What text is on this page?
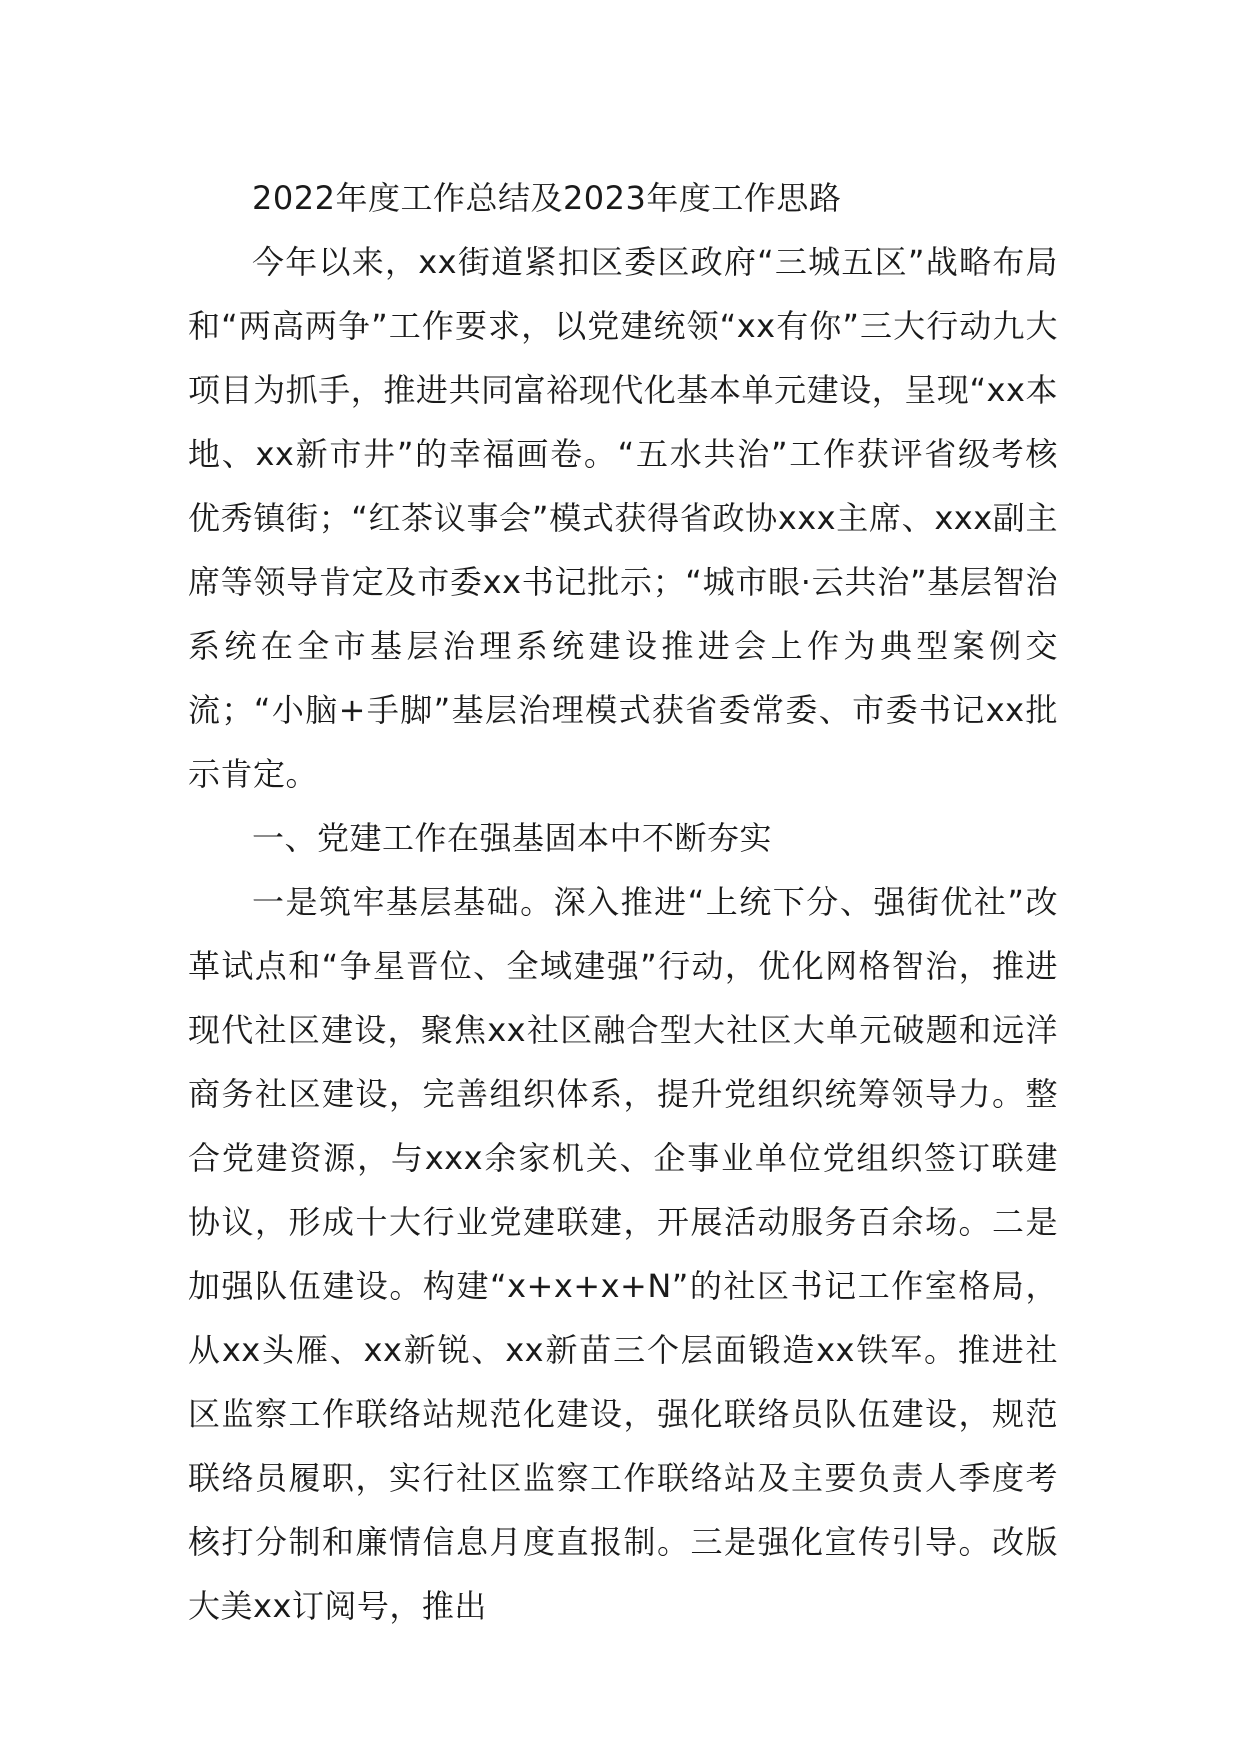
2022年度工作总结及2023年度工作思路

今年以来，xx街道紧扣区委区政府“三城五区”战略布局和“两高两争”工作要求，以党建统领“xx有你”三大行动九大项目为抓手，推进共同富裕现代化基本单元建设，呈现“xx本地、xx新市井”的幸福画卷。“五水共治”工作获评省级考核优秀镇街；“红茶议事会”模式获得省政协xxx主席、xxx副主席等领导肯定及市委xx书记批示；“城市眼·云共治”基层智治系统在全市基层治理系统建设推进会上作为典型案例交流；“小脑+手脚”基层治理模式获省委常委、市委书记xx批示肯定。

一、党建工作在强基固本中不断夯实

一是筑牢基层基础。深入推进“上统下分、强街优社”改革试点和“争星晋位、全域建强”行动，优化网格智治，推进现代社区建设，聚焦xx社区融合型大社区大单元破题和远洋商务社区建设，完善组织体系，提升党组织统筹领导力。整合党建资源，与xxx余家机关、企事业单位党组织签订联建协议，形成十大行业党建联建，开展活动服务百余场。二是加强队伍建设。构建“x+x+x+N”的社区书记工作室格局，从xx头雁、xx新锐、xx新苗三个层面锻造xx铁军。推进社区监察工作联络站规范化建设，强化联络员队伍建设，规范联络员履职，实行社区监察工作联络站及主要负责人季度考核打分制和廉情信息月度直报制。三是强化宣传引导。改版大美xx订阅号，推出
